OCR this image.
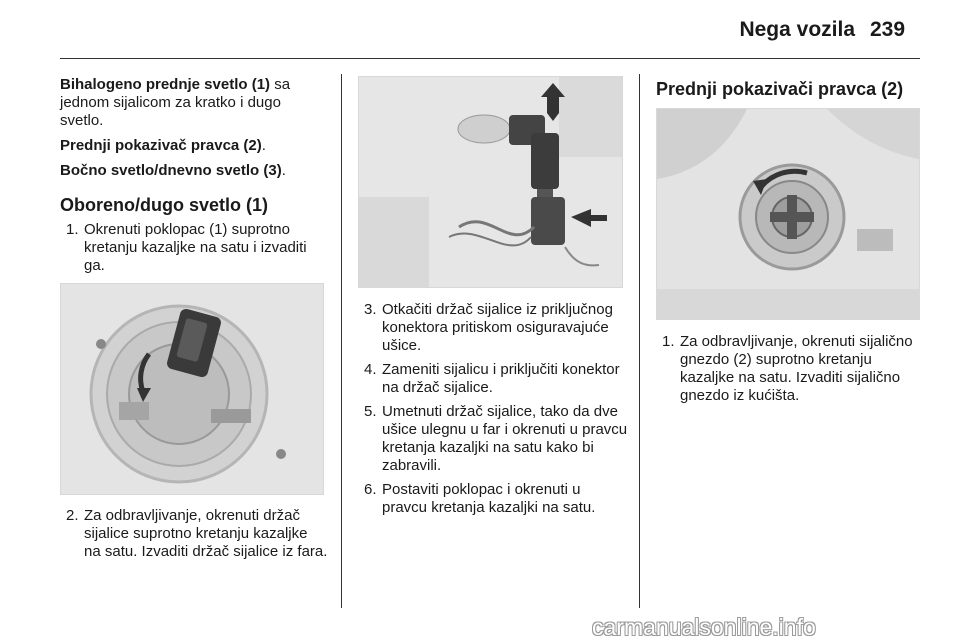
Nega vozila 239

Bihalogeno prednje svetlo (1) sa jednom sijalicom za kratko i dugo svetlo.

Prednji pokazivač pravca (2).

Bočno svetlo/dnevno svetlo (3).

Oboreno/dugo svetlo (1)
1. Okrenuti poklopac (1) suprotno kretanju kazaljke na satu i izvaditi ga.
2. Za odbravljivanje, okrenuti držač sijalice suprotno kretanju kazaljke na satu. Izvaditi držač sijalice iz fara.
3. Otkačiti držač sijalice iz priključnog konektora pritiskom osiguravajuće ušice.
4. Zameniti sijalicu i priključiti konektor na držač sijalice.
5. Umetnuti držač sijalice, tako da dve ušice ulegnu u far i okrenuti u pravcu kretanja kazaljki na satu kako bi zabravili.
6. Postaviti poklopac i okrenuti u pravcu kretanja kazaljki na satu.
Prednji pokazivači pravca (2)
1. Za odbravljivanje, okrenuti sijalično gnezdo (2) suprotno kretanju kazaljke na satu. Izvaditi sijalično gnezdo iz kućišta.
carmanualsonline.info
